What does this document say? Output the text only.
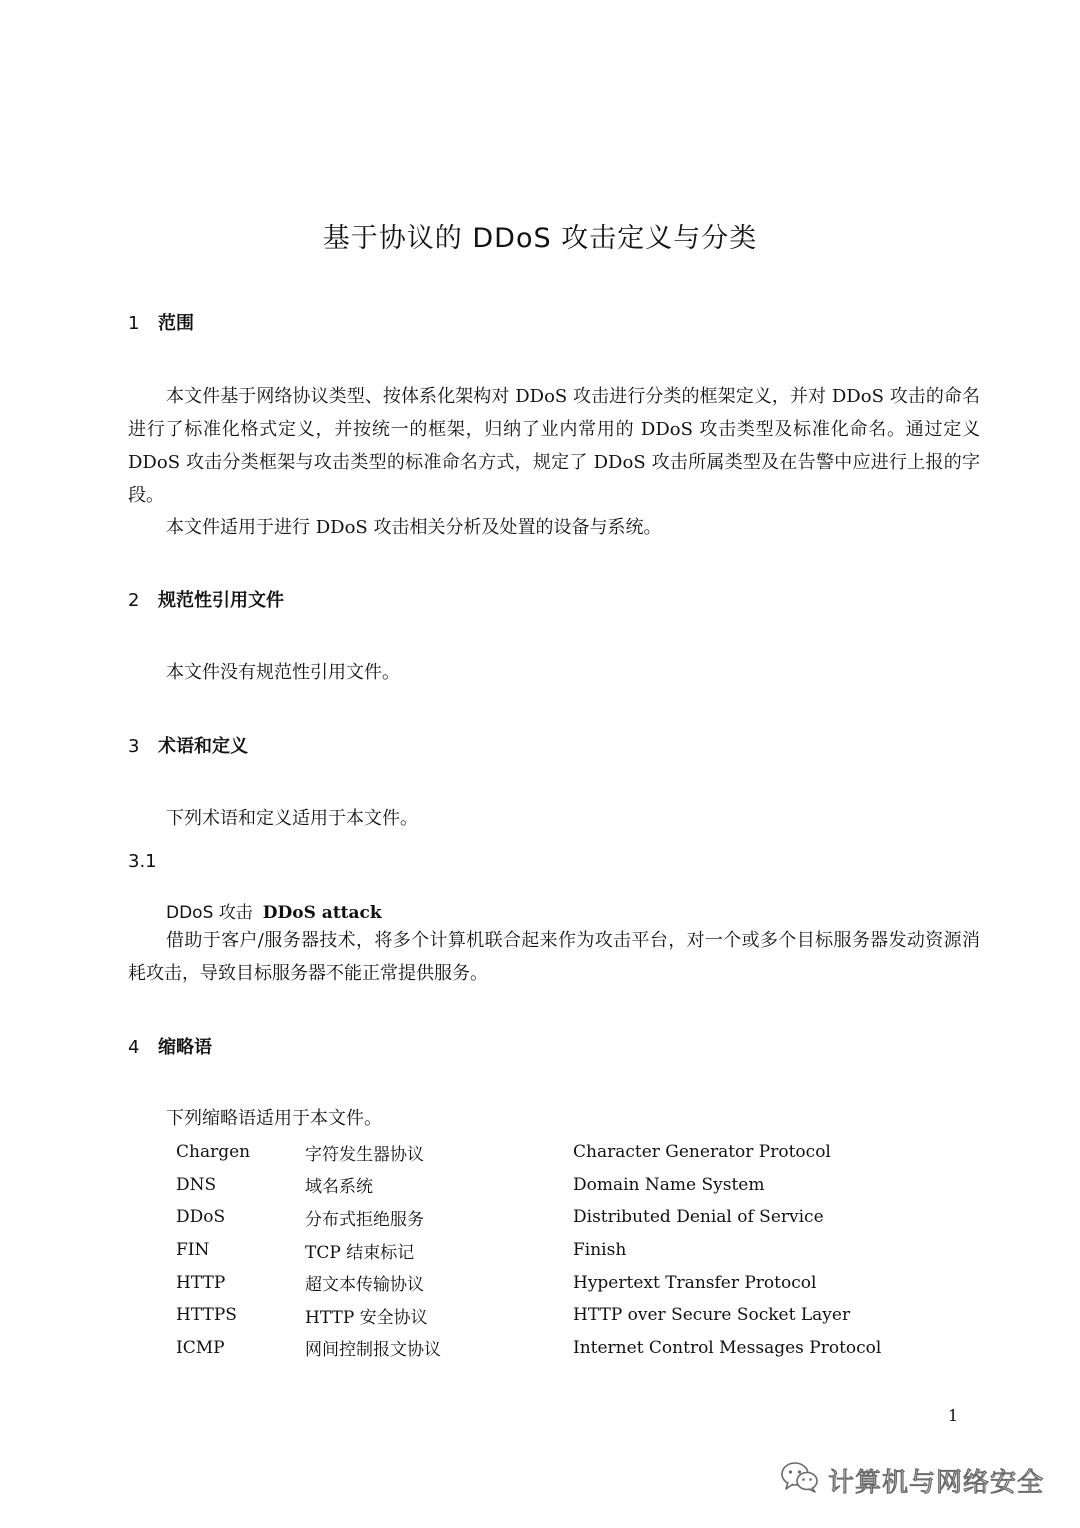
基于协议的 DDoS 攻击定义与分类
1 范围

本文件基于网络协议类型、按体系化架构对 DDoS 攻击进行分类的框架定义，并对 DDoS 攻击的命名进行了标准化格式定义，并按统一的框架，归纳了业内常用的 DDoS 攻击类型及标准化命名。通过定义 DDoS 攻击分类框架与攻击类型的标准命名方式，规定了 DDoS 攻击所属类型及在告警中应进行上报的字段。

本文件适用于进行 DDoS 攻击相关分析及处置的设备与系统。

2 规范性引用文件

本文件没有规范性引用文件。

3 术语和定义

下列术语和定义适用于本文件。

3.1

DDoS 攻击 DDoS attack

借助于客户/服务器技术，将多个计算机联合起来作为攻击平台，对一个或多个目标服务器发动资源消耗攻击，导致目标服务器不能正常提供服务。

4 缩略语

下列缩略语适用于本文件。

Chargen	字符发生器协议	Character Generator Protocol
DNS	域名系统	Domain Name System
DDoS	分布式拒绝服务	Distributed Denial of Service
FIN	TCP 结束标记	Finish
HTTP	超文本传输协议	Hypertext Transfer Protocol
HTTPS	HTTP 安全协议	HTTP over Secure Socket Layer
ICMP	网间控制报文协议	Internet Control Messages Protocol

1

计算机与网络安全
